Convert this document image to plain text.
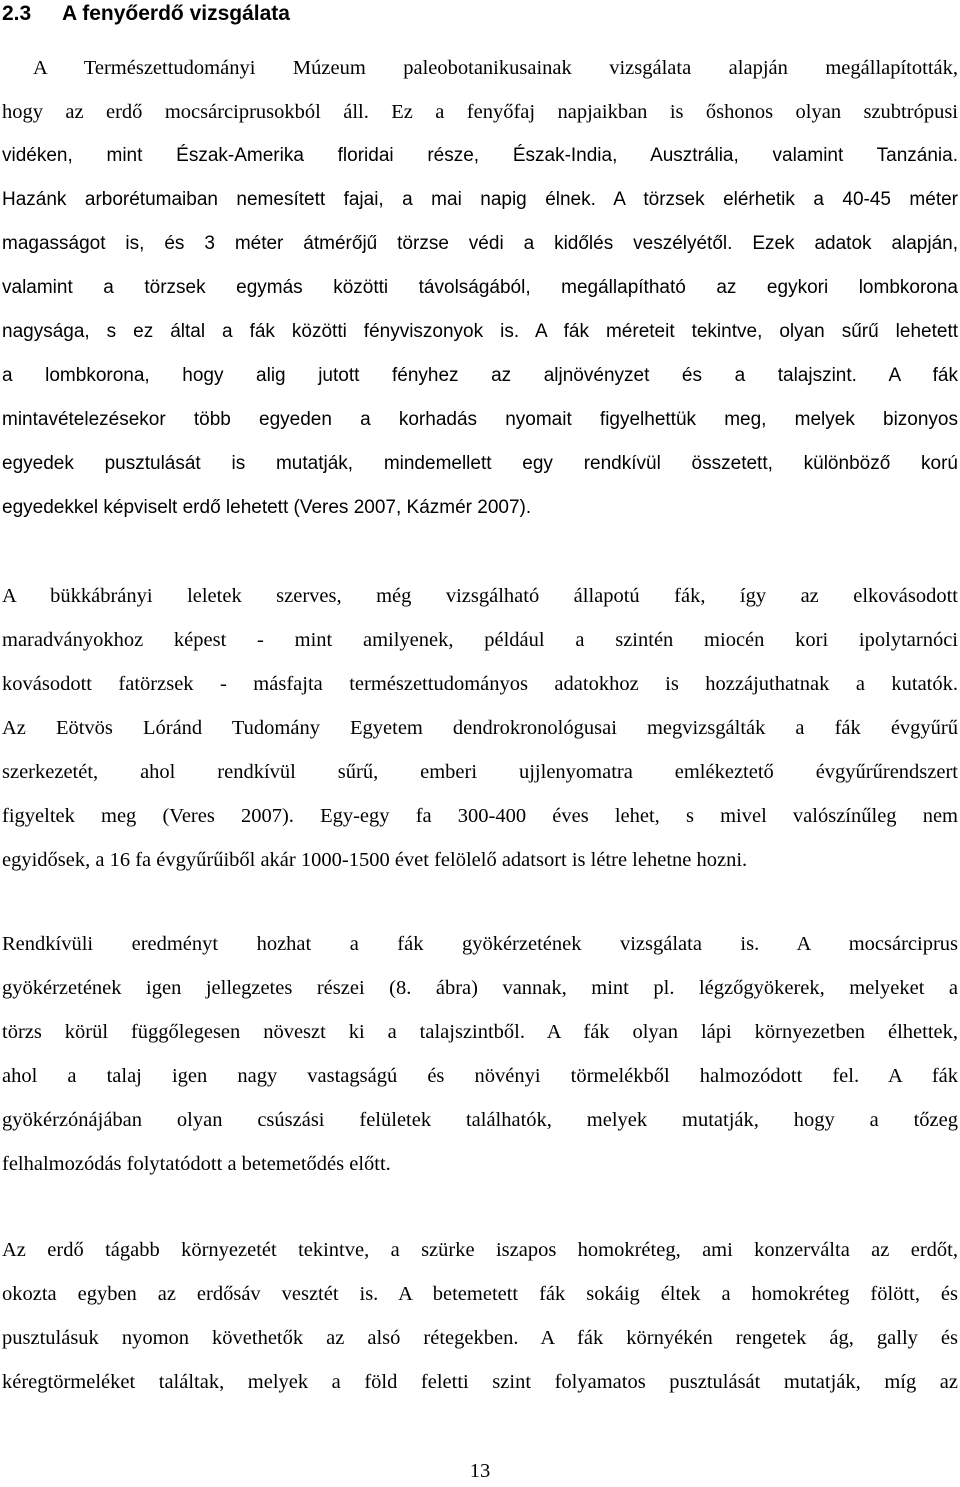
2.3 A fenyőerdő vizsgálata
A Természettudományi Múzeum paleobotanikusainak vizsgálata alapján megállapították,
hogy az erdő mocsárciprusokból áll. Ez a fenyőfaj napjaikban is őshonos olyan szubtrópusi
vidéken, mint Észak-Amerika floridai része, Észak-India, Ausztrália, valamint Tanzánia.
Hazánk arborétumaiban nemesített fajai, a mai napig élnek. A törzsek elérhetik a 40-45 méter
magasságot is, és 3 méter átmérőjű törzse védi a kidőlés veszélyétől. Ezek adatok alapján,
valamint a törzsek egymás közötti távolságából, megállapítható az egykori lombkorona
nagysága, s ez által a fák közötti fényviszonyok is. A fák méreteit tekintve, olyan sűrű lehetett
a lombkorona, hogy alig jutott fényhez az aljnövényzet és a talajszint. A fák
mintavételezésekor több egyeden a korhadás nyomait figyelhettük meg, melyek bizonyos
egyedek pusztulását is mutatják, mindemellett egy rendkívül összetett, különböző korú
egyedekkel képviselt erdő lehetett (Veres 2007, Kázmér 2007).
A bükkábrányi leletek szerves, még vizsgálható állapotú fák, így az elkovásodott
maradványokhoz képest - mint amilyenek, például a szintén miocén kori ipolytarnóci
kovásodott fatörzsek - másfajta természettudományos adatokhoz is hozzájuthatnak a kutatók.
Az Eötvös Lóránd Tudomány Egyetem dendrokronológusai megvizsgálták a fák évgyűrű
szerkezetét, ahol rendkívül sűrű, emberi ujjlenyomatra emlékeztető évgyűrűrendszert
figyeltek meg (Veres 2007). Egy-egy fa 300-400 éves lehet, s mivel valószínűleg nem
egyidősek, a 16 fa évgyűrűiből akár 1000-1500 évet felölelő adatsort is létre lehetne hozni.
Rendkívüli eredményt hozhat a fák gyökérzetének vizsgálata is. A mocsárciprus
gyökérzetének igen jellegzetes részei (8. ábra) vannak, mint pl. légzőgyökerek, melyeket a
törzs körül függőlegesen növeszt ki a talajszintből. A fák olyan lápi környezetben élhettek,
ahol a talaj igen nagy vastagságú és növényi törmelékből halmozódott fel. A fák
gyökérzónájában olyan csúszási felületek találhatók, melyek mutatják, hogy a tőzeg
felhalmozódás folytatódott a betemetődés előtt.
Az erdő tágabb környezetét tekintve, a szürke iszapos homokréteg, ami konzerválta az erdőt,
okozta egyben az erdősáv vesztét is. A betemetett fák sokáig éltek a homokréteg fölött, és
pusztulásuk nyomon követhetők az alsó rétegekben. A fák környékén rengetek ág, gally és
kéregtörmeléket találtak, melyek a föld feletti szint folyamatos pusztulását mutatják, míg az
13
